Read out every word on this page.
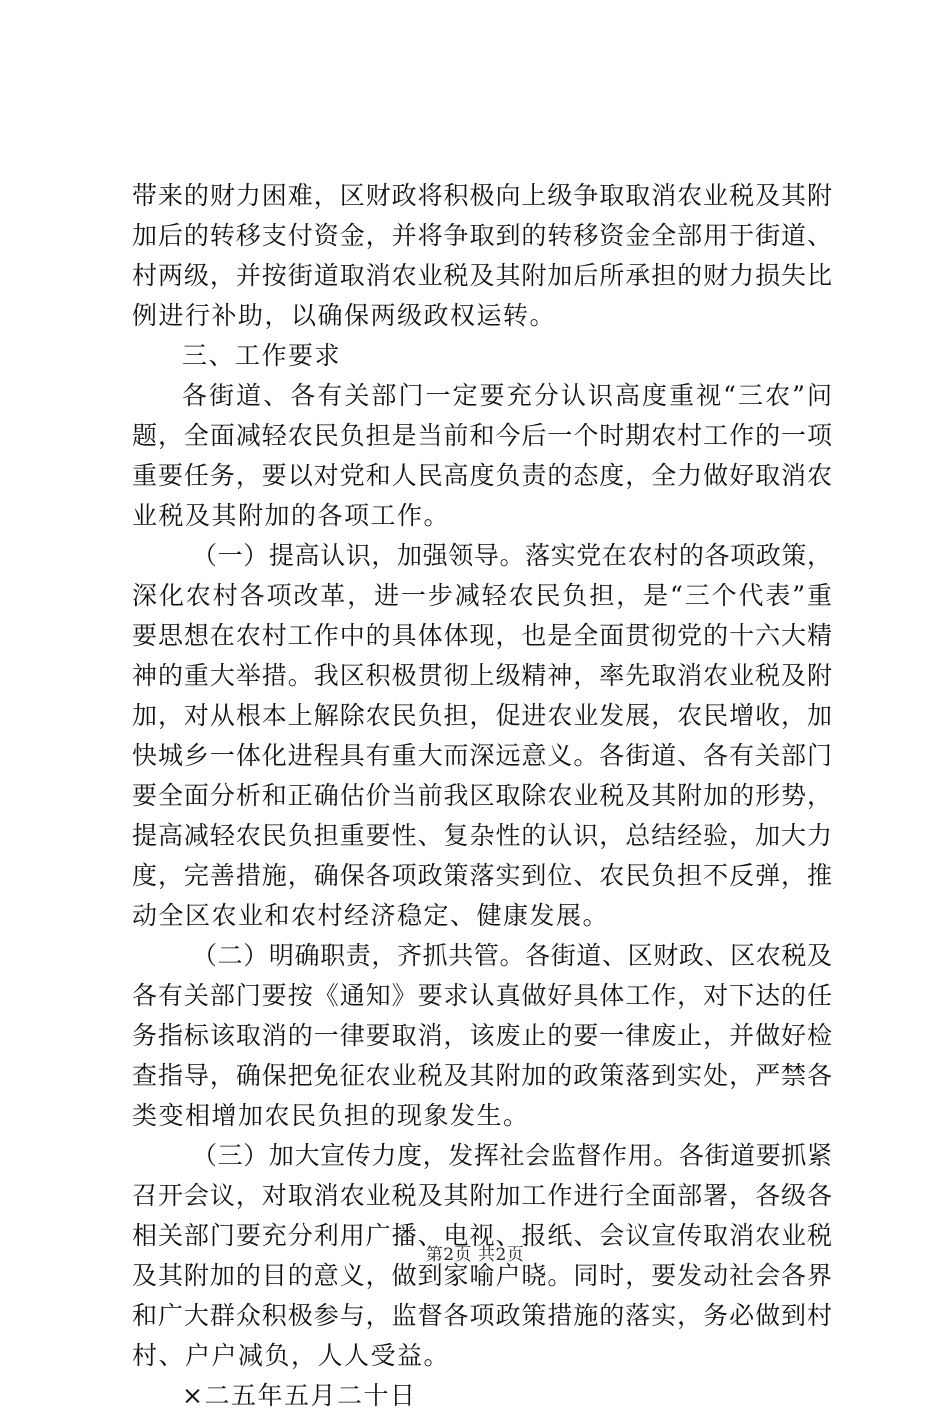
带来的财力困难，区财政将积极向上级争取取消农业税及其附
加后的转移支付资金，并将争取到的转移资金全部用于街道、
村两级，并按街道取消农业税及其附加后所承担的财力损失比
例进行补助，以确保两级政权运转。
三、工作要求
各街道、各有关部门一定要充分认识高度重视“三农”问
题，全面减轻农民负担是当前和今后一个时期农村工作的一项
重要任务，要以对党和人民高度负责的态度，全力做好取消农
业税及其附加的各项工作。
（一）提高认识，加强领导。落实党在农村的各项政策，
深化农村各项改革，进一步减轻农民负担，是“三个代表”重
要思想在农村工作中的具体体现，也是全面贯彻党的十六大精
神的重大举措。我区积极贯彻上级精神，率先取消农业税及附
加，对从根本上解除农民负担，促进农业发展，农民增收，加
快城乡一体化进程具有重大而深远意义。各街道、各有关部门
要全面分析和正确估价当前我区取除农业税及其附加的形势，
提高减轻农民负担重要性、复杂性的认识，总结经验，加大力
度，完善措施，确保各项政策落实到位、农民负担不反弹，推
动全区农业和农村经济稳定、健康发展。
（二）明确职责，齐抓共管。各街道、区财政、区农税及
各有关部门要按《通知》要求认真做好具体工作，对下达的任
务指标该取消的一律要取消，该废止的要一律废止，并做好检
查指导，确保把免征农业税及其附加的政策落到实处，严禁各
类变相增加农民负担的现象发生。
（三）加大宣传力度，发挥社会监督作用。各街道要抓紧
召开会议，对取消农业税及其附加工作进行全面部署，各级各
相关部门要充分利用广播、电视、报纸、会议宣传取消农业税
及其附加的目的意义，做到家喻户晓。同时，要发动社会各界
和广大群众积极参与，监督各项政策措施的落实，务必做到村
村、户户减负，人人受益。
×二五年五月二十日
第2页 共2页
